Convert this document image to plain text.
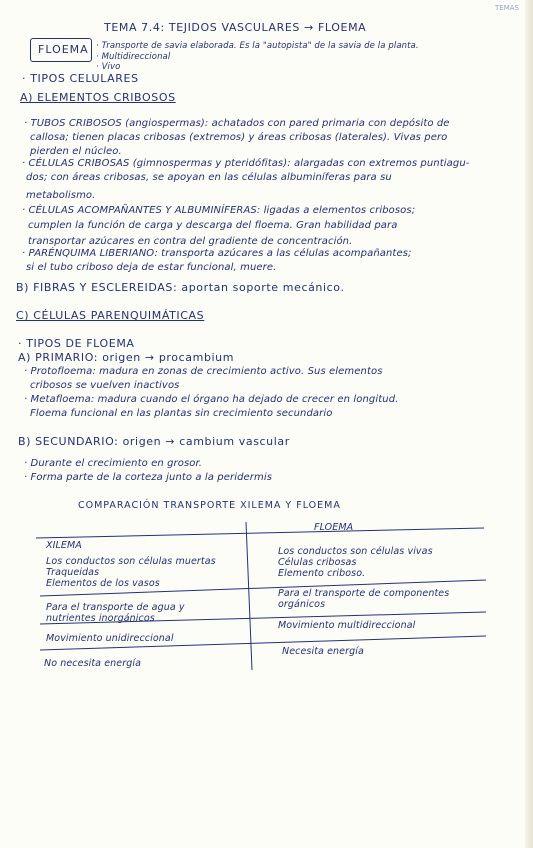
TEMAS
TEMA 7.4: TEJIDOS VASCULARES → FLOEMA
FLOEMA · Transporte de savia elaborada. Es la "autopista" de la savia de la planta.
· Multidireccional
· Vivo
· TIPOS CELULARES
A) ELEMENTOS CRIBOSOS
· TUBOS CRIBOSOS (angiospermas): achatados con pared primaria con depósito de
callosa; tienen placas cribosas (extremos) y áreas cribosas (laterales). Vivas pero
pierden el núcleo.
· CÉLULAS CRIBOSAS (gimnospermas y pteridófitas): alargadas con extremos puntiagu-
dos; con áreas cribosas, se apoyan en las células albuminíferas para su
metabolismo.
· CÉLULAS ACOMPAÑANTES Y ALBUMINÍFERAS: ligadas a elementos cribosos;
cumplen la función de carga y descarga del floema. Gran habilidad para
transportar azúcares en contra del gradiente de concentración.
· PARÉNQUIMA LIBERIANO: transporta azúcares a las células acompañantes;
si el tubo criboso deja de estar funcional, muere.
B) FIBRAS Y ESCLEREIDAS: aportan soporte mecánico.
C) CÉLULAS PARENQUIMÁTICAS
· TIPOS DE FLOEMA
A) PRIMARIO: origen → procambium
· Protofloema: madura en zonas de crecimiento activo. Sus elementos
cribosos se vuelven inactivos
· Metafloema: madura cuando el órgano ha dejado de crecer en longitud.
Floema funcional en las plantas sin crecimiento secundario
B) SECUNDARIO: origen → cambium vascular
· Durante el crecimiento en grosor.
· Forma parte de la corteza junto a la peridermis
COMPARACIÓN TRANSPORTE XILEMA Y FLOEMA
XILEMA
FLOEMA
Los conductos son células muertas
Traqueidas
Elementos de los vasos
Los conductos son células vivas
Células cribosas
Elemento criboso.
Para el transporte de agua y
nutrientes inorgánicos
Para el transporte de componentes
orgánicos
Movimiento unidireccional
Movimiento multidireccional
No necesita energía
Necesita energía
